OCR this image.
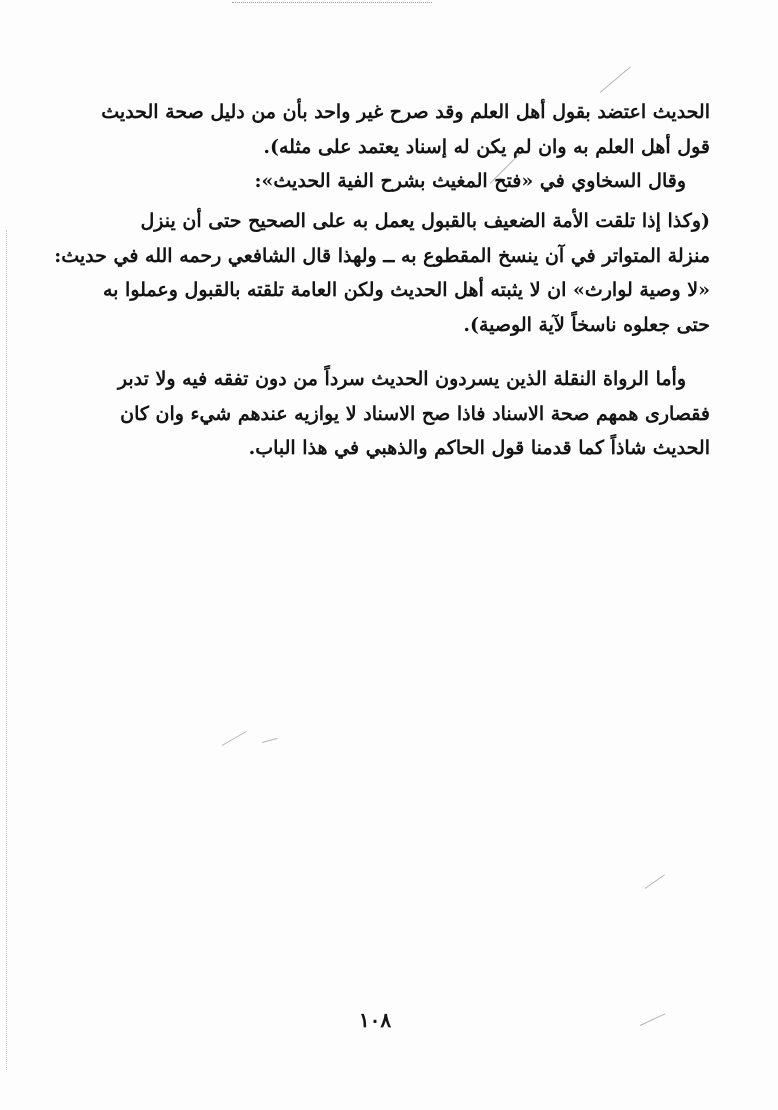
الحديث اعتضد بقول أهل العلم وقد صرح غير واحد بأن من دليل صحة الحديث
قول أهل العلم به وان لم يكن له إسناد يعتمد على مثله).
وقال السخاوي في «فتح المغيث بشرح الفية الحديث»:
(وكذا إذا تلقت الأمة الضعيف بالقبول يعمل به على الصحيح حتى أن ينزل
منزلة المتواتر في آن ينسخ المقطوع به ــ ولهذا قال الشافعي رحمه الله في حديث:
«لا وصية لوارث» ان لا يثبته أهل الحديث ولكن العامة تلقته بالقبول وعملوا به
حتى جعلوه ناسخاً لآية الوصية).
وأما الرواة النقلة الذين يسردون الحديث سرداً من دون تفقه فيه ولا تدبر
فقصارى همهم صحة الاسناد فاذا صح الاسناد لا يوازيه عندهم شيء وان كان
الحديث شاذاً كما قدمنا قول الحاكم والذهبي في هذا الباب.
١٠٨
